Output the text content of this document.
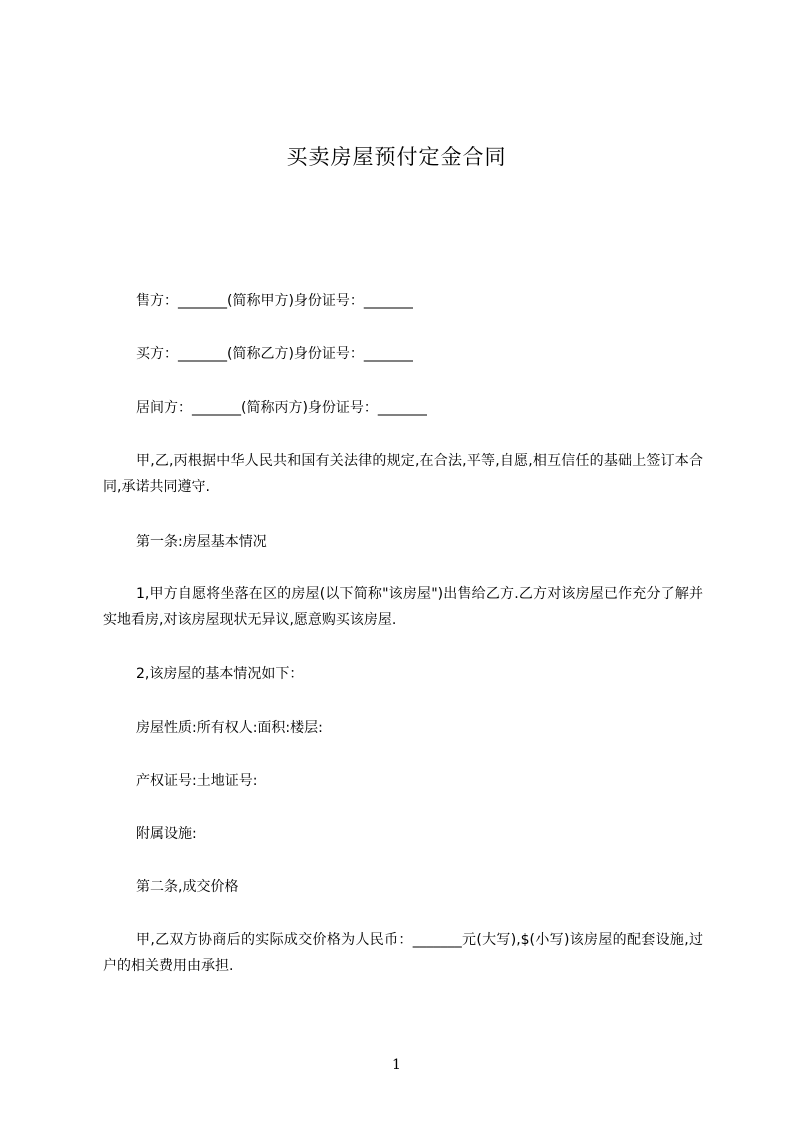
买卖房屋预付定金合同
售方：_______(简称甲方)身份证号：_______
买方：_______(简称乙方)身份证号：_______
居间方：_______(简称丙方)身份证号：_______
甲,乙,丙根据中华人民共和国有关法律的规定,在合法,平等,自愿,相互信任的基础上签订本合同,承诺共同遵守.
第一条:房屋基本情况
1,甲方自愿将坐落在区的房屋(以下简称"该房屋")出售给乙方.乙方对该房屋已作充分了解并实地看房,对该房屋现状无异议,愿意购买该房屋.
2,该房屋的基本情况如下：
房屋性质:所有权人:面积:楼层:
产权证号:土地证号:
附属设施:
第二条,成交价格
甲,乙双方协商后的实际成交价格为人民币：_______元(大写),$(小写)该房屋的配套设施,过户的相关费用由承担.
1
